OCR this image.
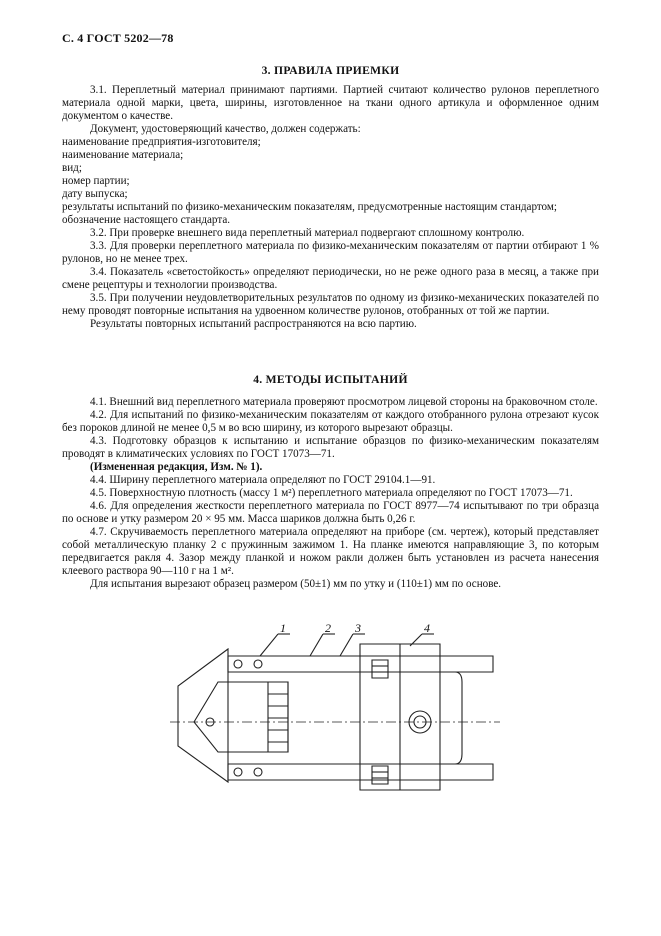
С. 4 ГОСТ 5202—78
3. ПРАВИЛА ПРИЕМКИ

3.1. Переплетный материал принимают партиями. Партией считают количество рулонов переплетного материала одной марки, цвета, ширины, изготовленное на ткани одного артикула и оформленное одним документом о качестве.

Документ, удостоверяющий качество, должен содержать:

наименование предприятия-изготовителя;

наименование материала;

вид;

номер партии;

дату выпуска;

результаты испытаний по физико-механическим показателям, предусмотренные настоящим стандартом;

обозначение настоящего стандарта.

3.2. При проверке внешнего вида переплетный материал подвергают сплошному контролю.

3.3. Для проверки переплетного материала по физико-механическим показателям от партии отбирают 1 % рулонов, но не менее трех.

3.4. Показатель «светостойкость» определяют периодически, но не реже одного раза в месяц, а также при смене рецептуры и технологии производства.

3.5. При получении неудовлетворительных результатов по одному из физико-механических показателей по нему проводят повторные испытания на удвоенном количестве рулонов, отобранных от той же партии.

Результаты повторных испытаний распространяются на всю партию.

4. МЕТОДЫ ИСПЫТАНИЙ

4.1. Внешний вид переплетного материала проверяют просмотром лицевой стороны на браковочном столе.

4.2. Для испытаний по физико-механическим показателям от каждого отобранного рулона отрезают кусок без пороков длиной не менее 0,5 м во всю ширину, из которого вырезают образцы.

4.3. Подготовку образцов к испытанию и испытание образцов по физико-механическим показателям проводят в климатических условиях по ГОСТ 17073—71.

(Измененная редакция, Изм. № 1).

4.4. Ширину переплетного материала определяют по ГОСТ 29104.1—91.

4.5. Поверхностную плотность (массу 1 м²) переплетного материала определяют по ГОСТ 17073—71.

4.6. Для определения жесткости переплетного материала по ГОСТ 8977—74 испытывают по три образца по основе и утку размером 20 × 95 мм. Масса шариков должна быть 0,26 г.

4.7. Скручиваемость переплетного материала определяют на приборе (см. чертеж), который представляет собой металлическую планку 2 с пружинным зажимом 1. На планке имеются направляющие 3, по которым передвигается ракля 4. Зазор между планкой и ножом ракли должен быть установлен из расчета нанесения клеевого раствора 90—110 г на 1 м².

Для испытания вырезают образец размером (50±1) мм по утку и (110±1) мм по основе.

1	2 3	4
